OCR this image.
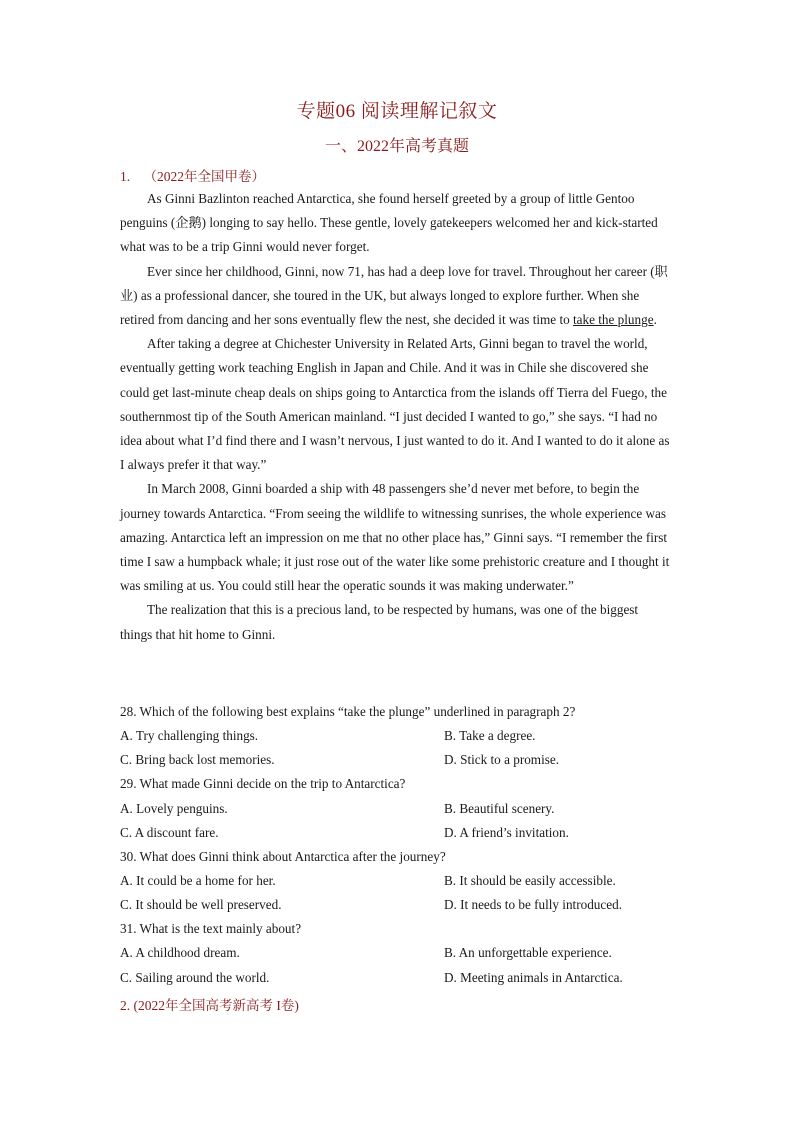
专题06 阅读理解记叙文
一、2022年高考真题
1. （2022年全国甲卷）

As Ginni Bazlinton reached Antarctica, she found herself greeted by a group of little Gentoo penguins (企鹅) longing to say hello. These gentle, lovely gatekeepers welcomed her and kick-started what was to be a trip Ginni would never forget.

Ever since her childhood, Ginni, now 71, has had a deep love for travel. Throughout her career (职业) as a professional dancer, she toured in the UK, but always longed to explore further. When she retired from dancing and her sons eventually flew the nest, she decided it was time to take the plunge.

After taking a degree at Chichester University in Related Arts, Ginni began to travel the world, eventually getting work teaching English in Japan and Chile. And it was in Chile she discovered she could get last-minute cheap deals on ships going to Antarctica from the islands off Tierra del Fuego, the southernmost tip of the South American mainland. “I just decided I wanted to go,” she says. “I had no idea about what I’d find there and I wasn’t nervous, I just wanted to do it. And I wanted to do it alone as I always prefer it that way.”

In March 2008, Ginni boarded a ship with 48 passengers she’d never met before, to begin the journey towards Antarctica. “From seeing the wildlife to witnessing sunrises, the whole experience was amazing. Antarctica left an impression on me that no other place has,” Ginni says. “I remember the first time I saw a humpback whale; it just rose out of the water like some prehistoric creature and I thought it was smiling at us. You could still hear the operatic sounds it was making underwater.”

The realization that this is a precious land, to be respected by humans, was one of the biggest things that hit home to Ginni.

28. Which of the following best explains “take the plunge” underlined in paragraph 2?
A. Try challenging things.	B. Take a degree.
C. Bring back lost memories.	D. Stick to a promise.
29. What made Ginni decide on the trip to Antarctica?
A. Lovely penguins.	B. Beautiful scenery.
C. A discount fare.	D. A friend’s invitation.
30. What does Ginni think about Antarctica after the journey?
A. It could be a home for her.	B. It should be easily accessible.
C. It should be well preserved.	D. It needs to be fully introduced.
31. What is the text mainly about?
A. A childhood dream.	B. An unforgettable experience.
C. Sailing around the world.	D. Meeting animals in Antarctica.
2. (2022年全国高考新高考 I卷)
